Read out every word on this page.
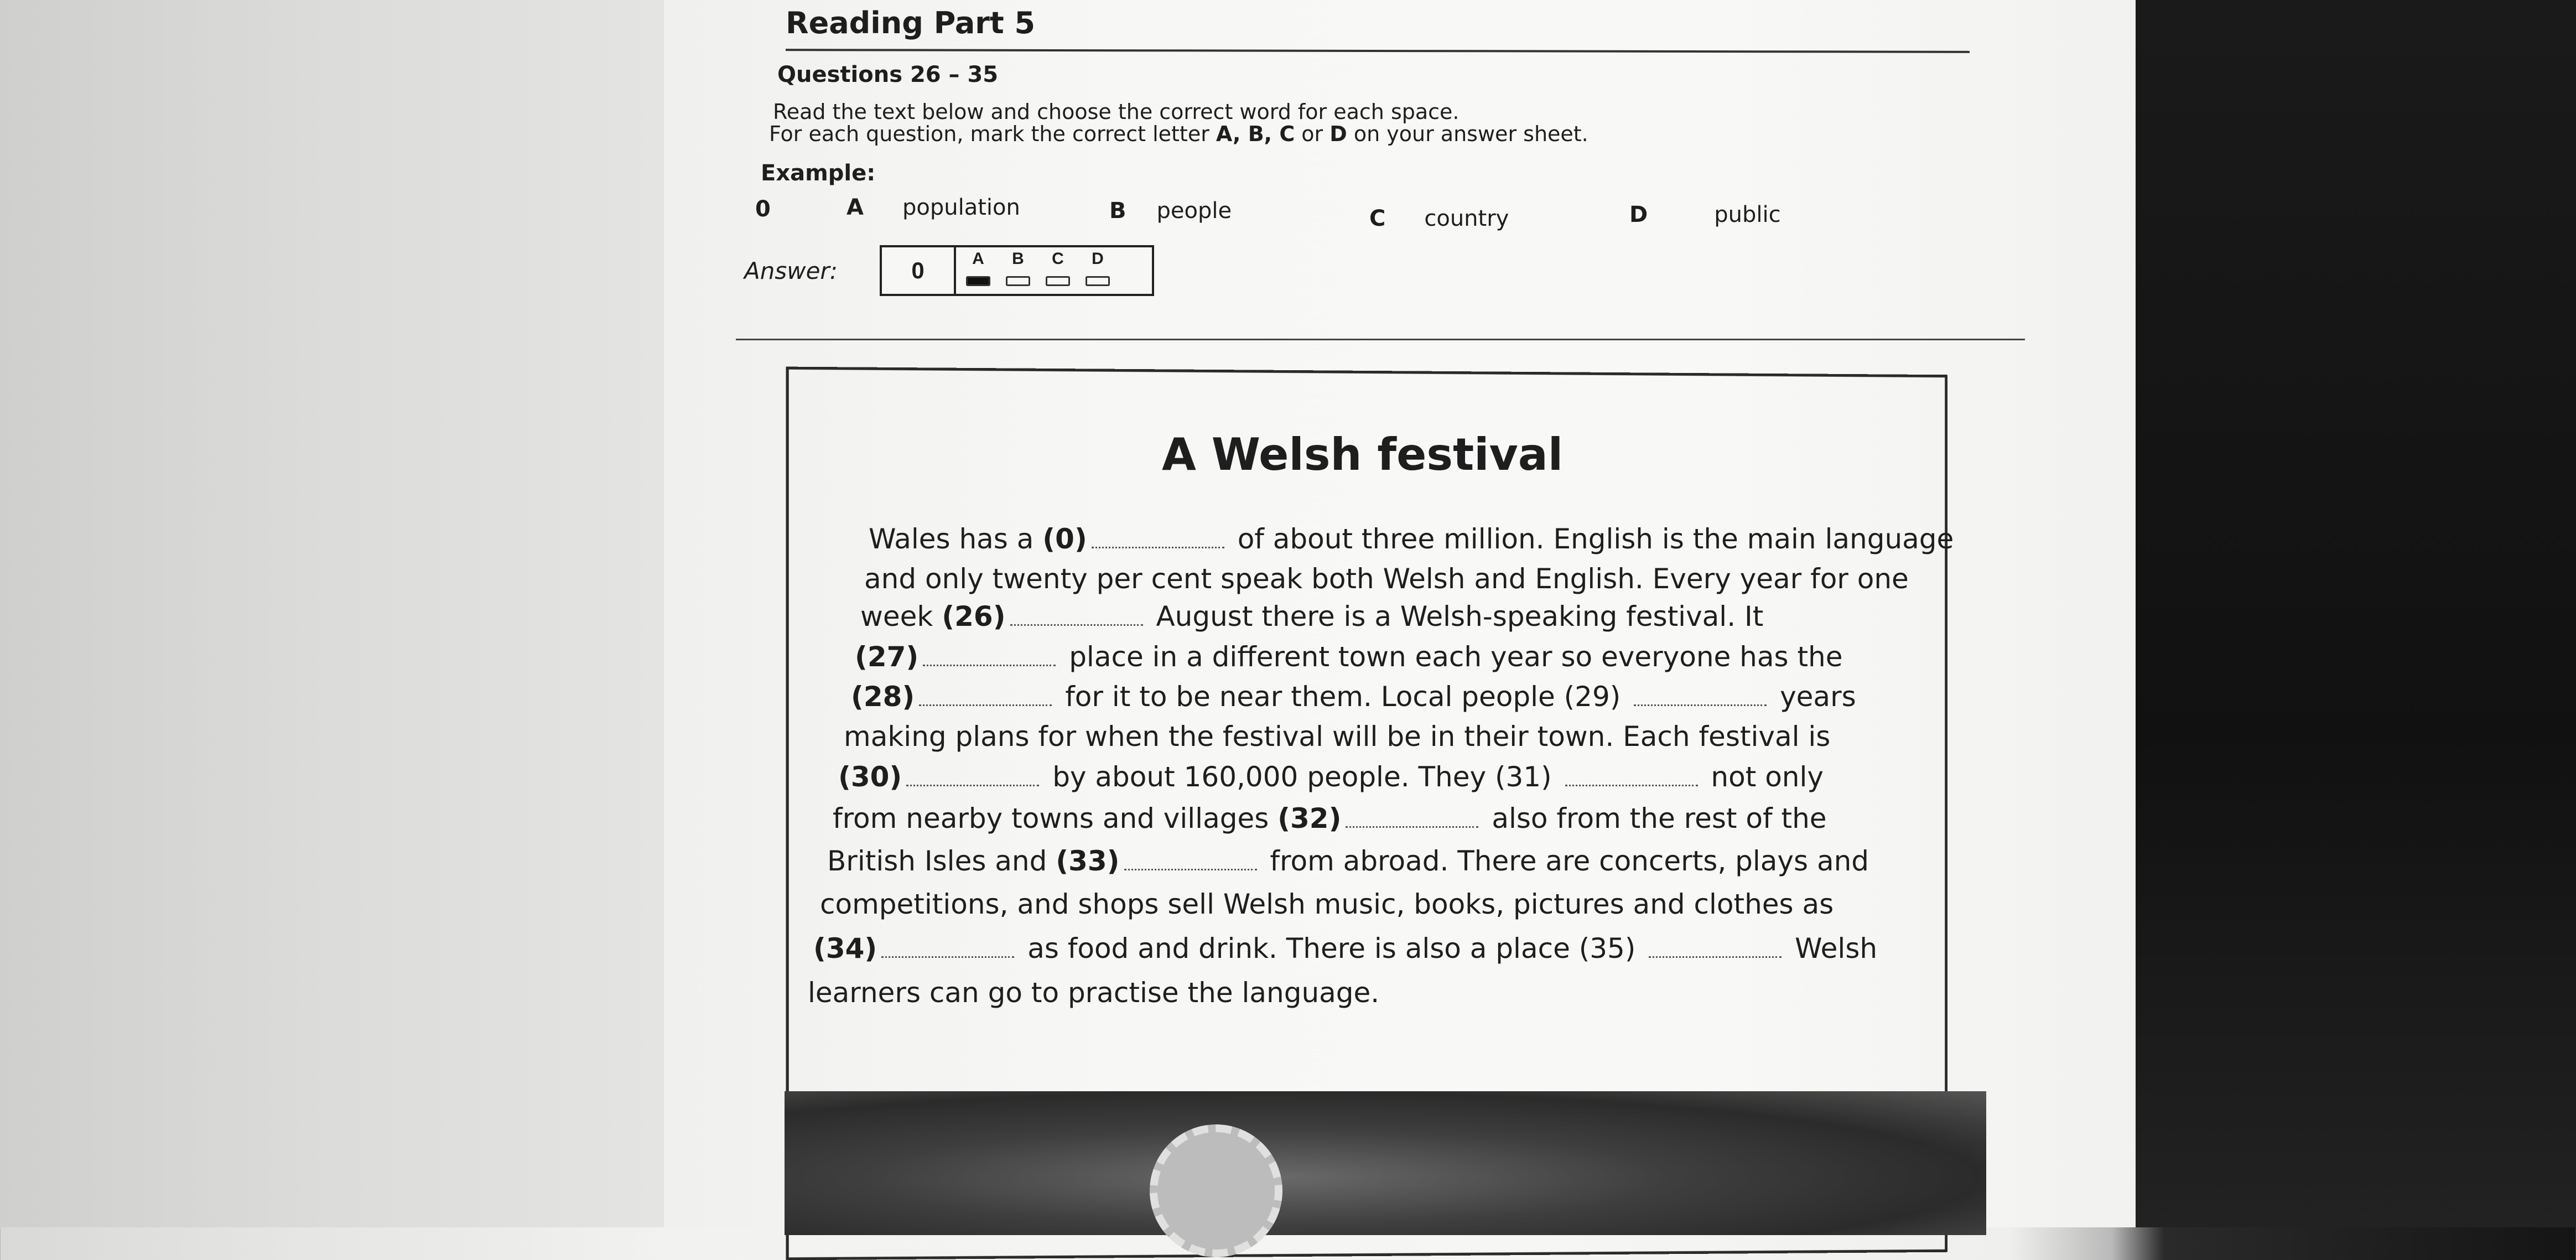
Reading Part 5
Questions 26 – 35
Read the text below and choose the correct word for each space.
For each question, mark the correct letter A, B, C or D on your answer sheet.
Example:
0	A population	B people	C country	D	public
Answer:	0	A	B	C	D
A Welsh festival
Wales has a (0)	of about three million. English is the main language
and only twenty per cent speak both Welsh and English. Every year for one
week (26)	August there is a Welsh-speaking festival. It
(27)	place in a different town each year so everyone has the
(28)	for it to be near them. Local people (29)	years
making plans for when the festival will be in their town. Each festival is
(30)	by about 160,000 people. They (31)	not only
from nearby towns and villages (32)	also from the rest of the
British Isles and (33)	from abroad. There are concerts, plays and
competitions, and shops sell Welsh music, books, pictures and clothes as
(34)	as food and drink. There is also a place (35)	Welsh
learners can go to practise the language.
